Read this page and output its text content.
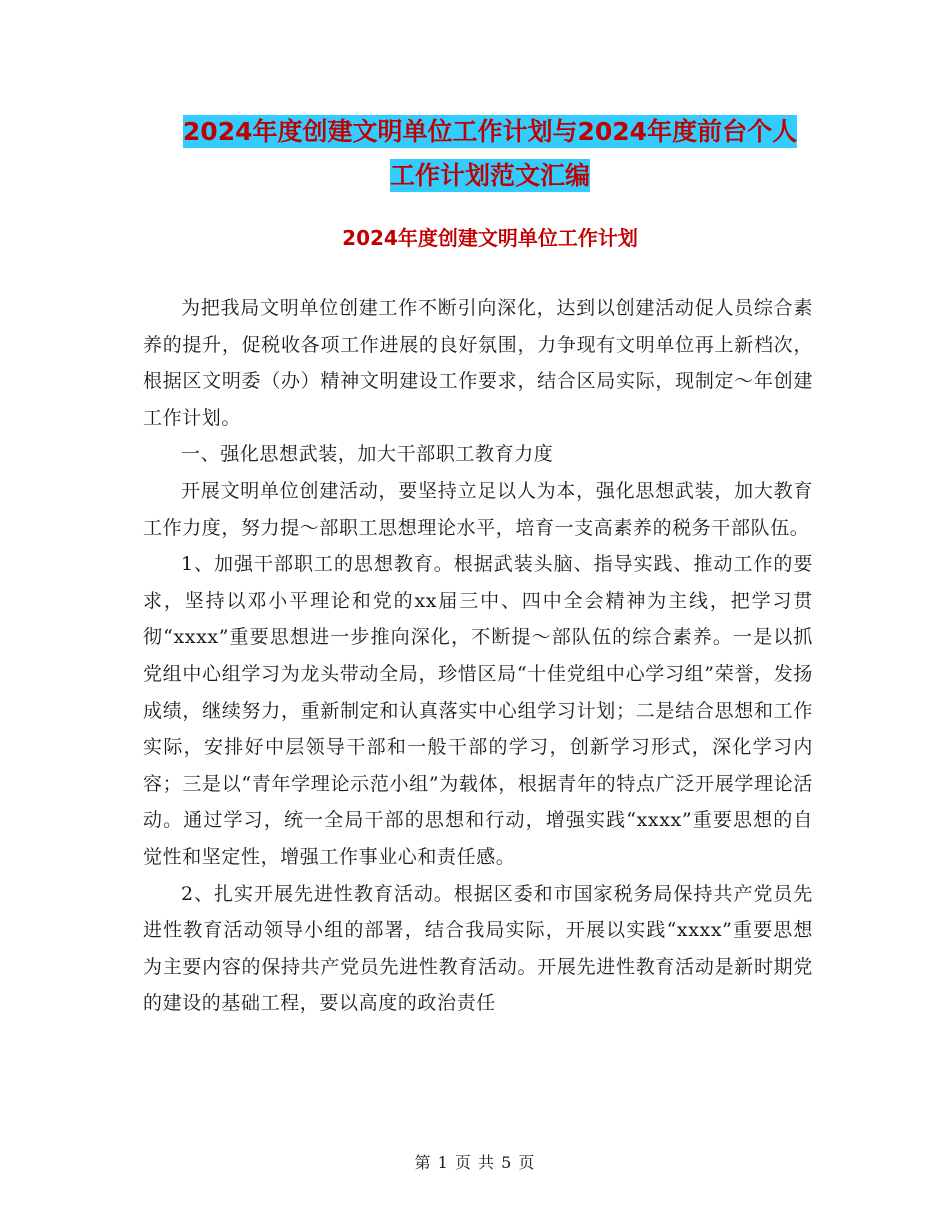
2024年度创建文明单位工作计划与2024年度前台个人
工作计划范文汇编
2024年度创建文明单位工作计划

为把我局文明单位创建工作不断引向深化，达到以创建活动促人员综合素养的提升，促税收各项工作进展的良好氛围，力争现有文明单位再上新档次，根据区文明委（办）精神文明建设工作要求，结合区局实际，现制定～年创建工作计划。

一、强化思想武装，加大干部职工教育力度

开展文明单位创建活动，要坚持立足以人为本，强化思想武装，加大教育工作力度，努力提～部职工思想理论水平，培育一支高素养的税务干部队伍。

1、加强干部职工的思想教育。根据武装头脑、指导实践、推动工作的要求，坚持以邓小平理论和党的xx届三中、四中全会精神为主线，把学习贯彻“xxxx”重要思想进一步推向深化，不断提～部队伍的综合素养。一是以抓党组中心组学习为龙头带动全局，珍惜区局“十佳党组中心学习组”荣誉，发扬成绩，继续努力，重新制定和认真落实中心组学习计划；二是结合思想和工作实际，安排好中层领导干部和一般干部的学习，创新学习形式，深化学习内容；三是以“青年学理论示范小组”为载体，根据青年的特点广泛开展学理论活动。通过学习，统一全局干部的思想和行动，增强实践“xxxx”重要思想的自觉性和坚定性，增强工作事业心和责任感。

2、扎实开展先进性教育活动。根据区委和市国家税务局保持共产党员先进性教育活动领导小组的部署，结合我局实际，开展以实践“xxxx”重要思想为主要内容的保持共产党员先进性教育活动。开展先进性教育活动是新时期党的建设的基础工程，要以高度的政治责任

第 1 页 共 5 页
